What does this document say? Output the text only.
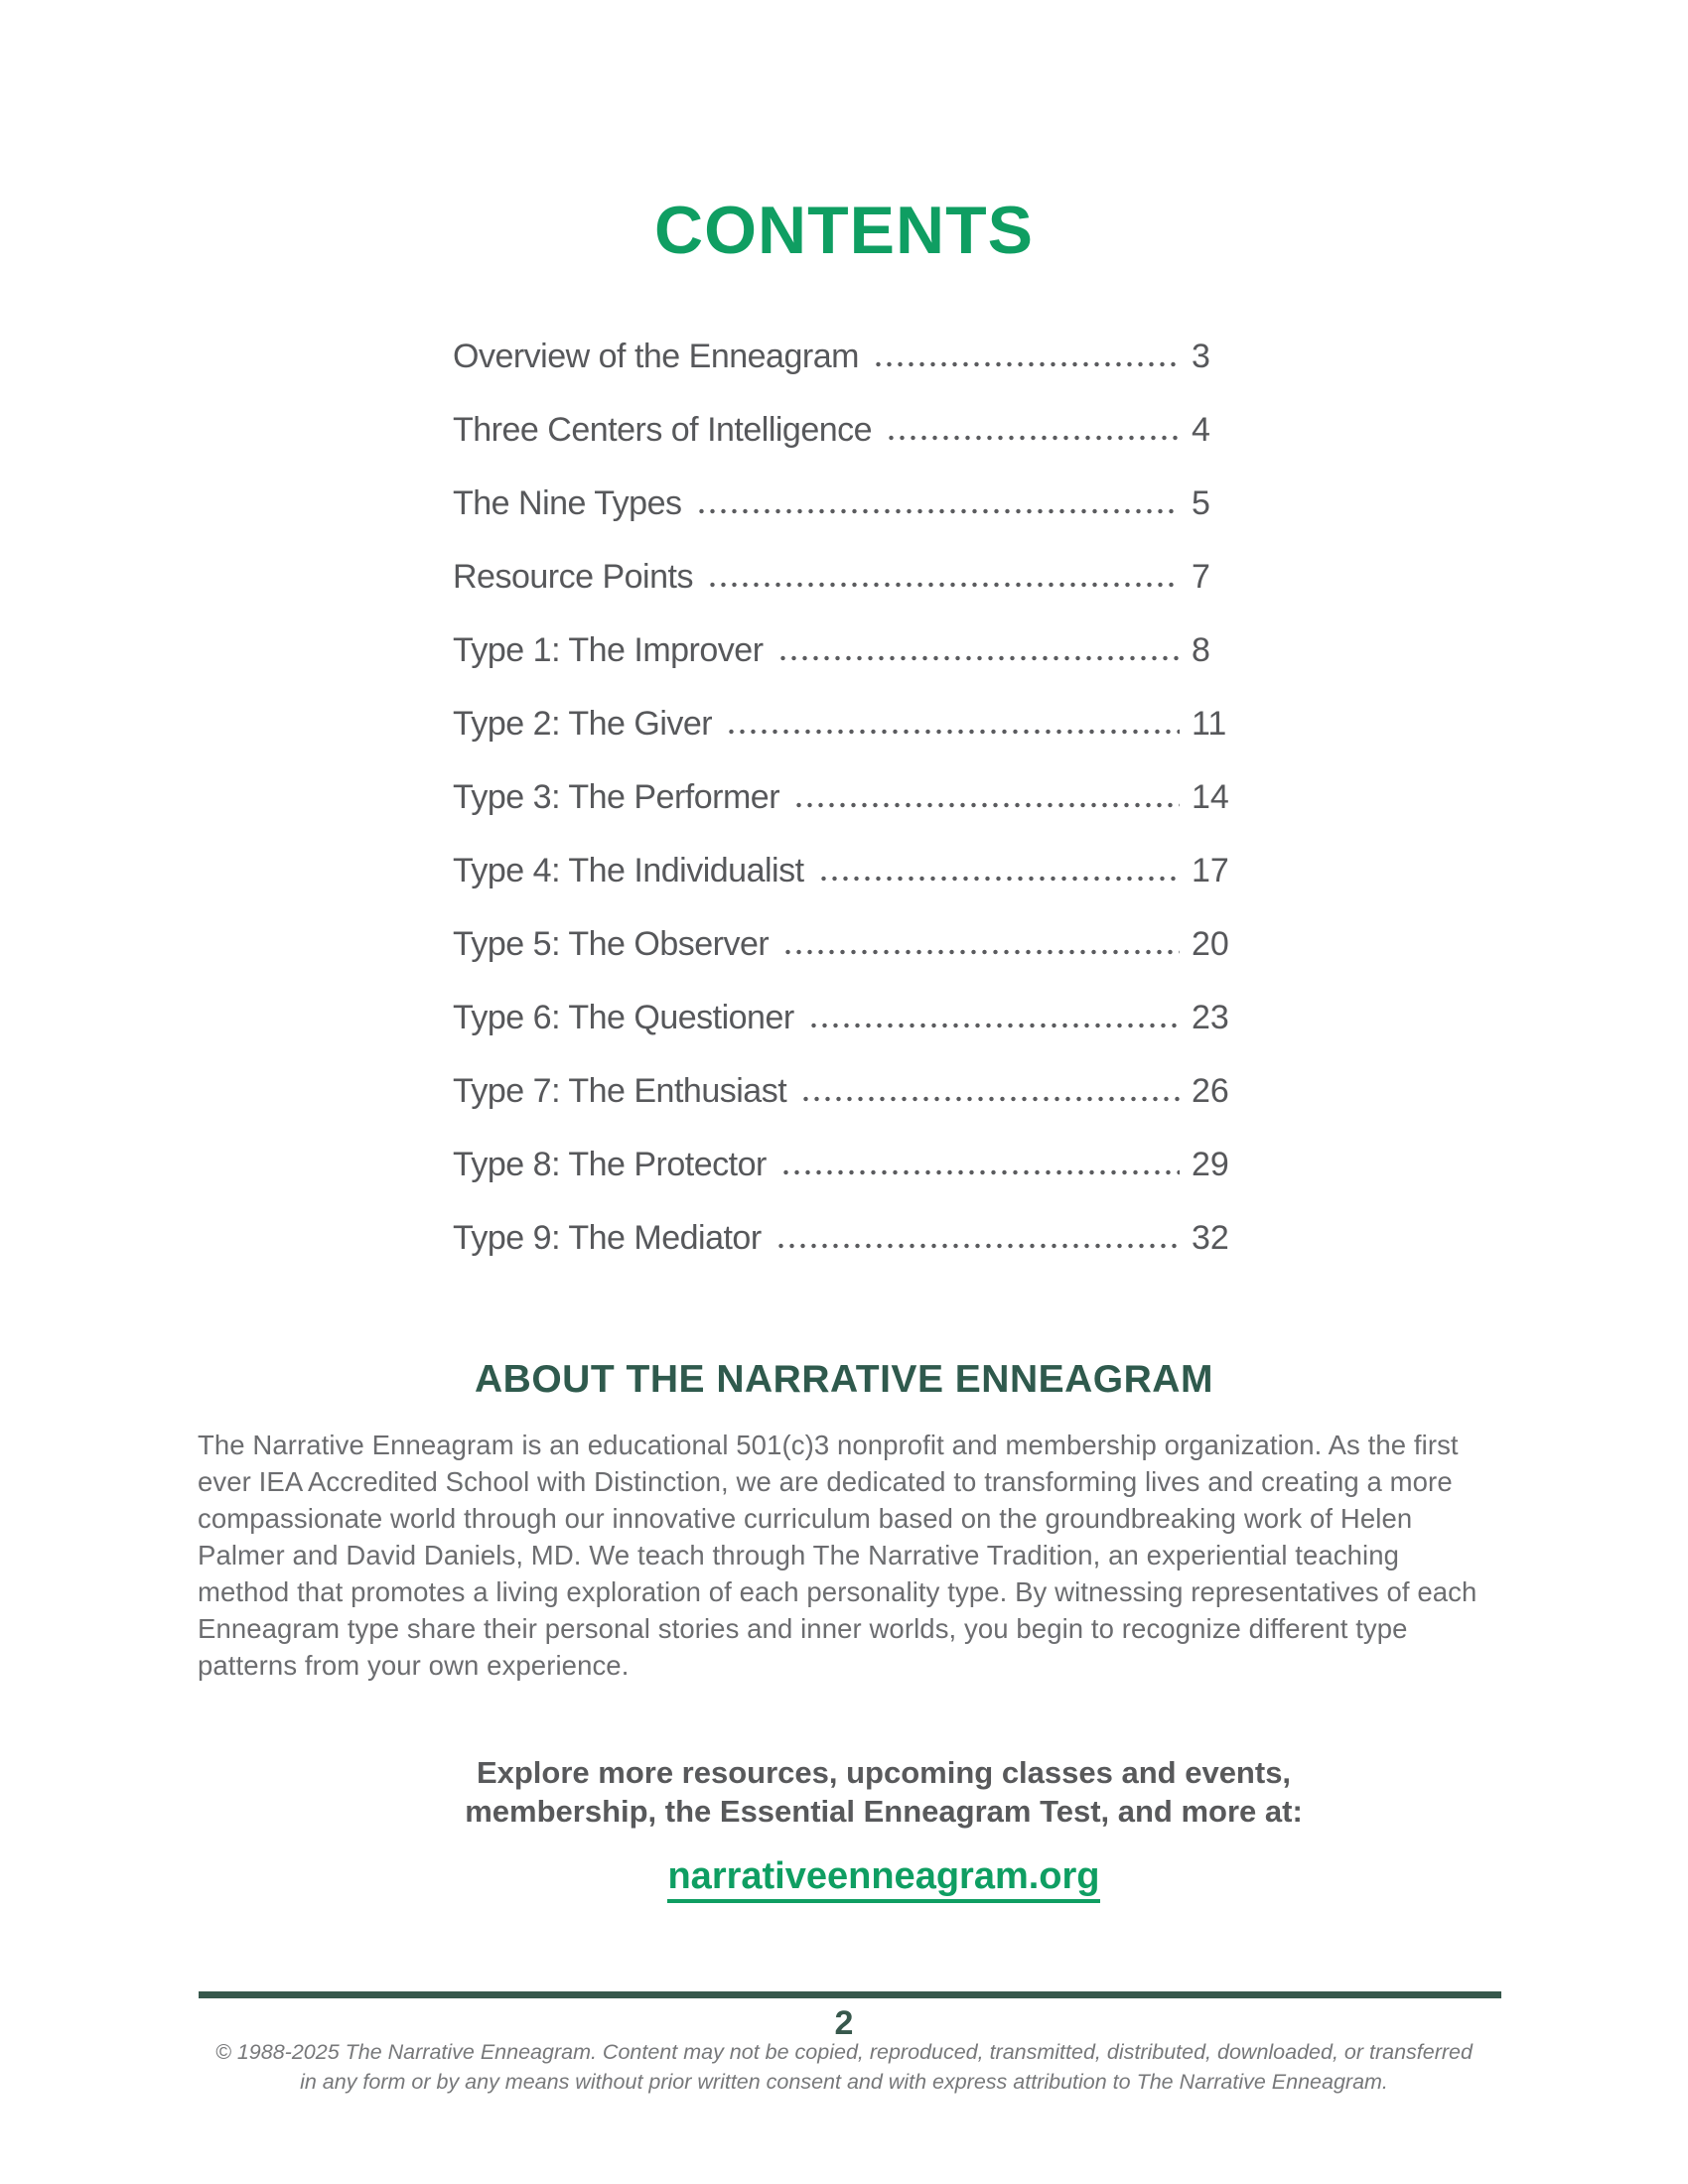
CONTENTS
Overview of the Enneagram	3
Three Centers of Intelligence	4
The Nine Types	5
Resource Points	7
Type 1: The Improver	8
Type 2: The Giver	11
Type 3: The Performer	14
Type 4: The Individualist	17
Type 5: The Observer	20
Type 6: The Questioner	23
Type 7: The Enthusiast	26
Type 8: The Protector	29
Type 9: The Mediator	32
ABOUT THE NARRATIVE ENNEAGRAM

The Narrative Enneagram is an educational 501(c)3 nonprofit and membership organization. As the first ever IEA Accredited School with Distinction, we are dedicated to transforming lives and creating a more compassionate world through our innovative curriculum based on the groundbreaking work of Helen Palmer and David Daniels, MD. We teach through The Narrative Tradition, an experiential teaching method that promotes a living exploration of each personality type. By witnessing representatives of each Enneagram type share their personal stories and inner worlds, you begin to recognize different type patterns from your own experience.

Explore more resources, upcoming classes and events,
membership, the Essential Enneagram Test, and more at:
narrativeenneagram.org
2
© 1988-2025 The Narrative Enneagram. Content may not be copied, reproduced, transmitted, distributed, downloaded, or transferred
in any form or by any means without prior written consent and with express attribution to The Narrative Enneagram.
